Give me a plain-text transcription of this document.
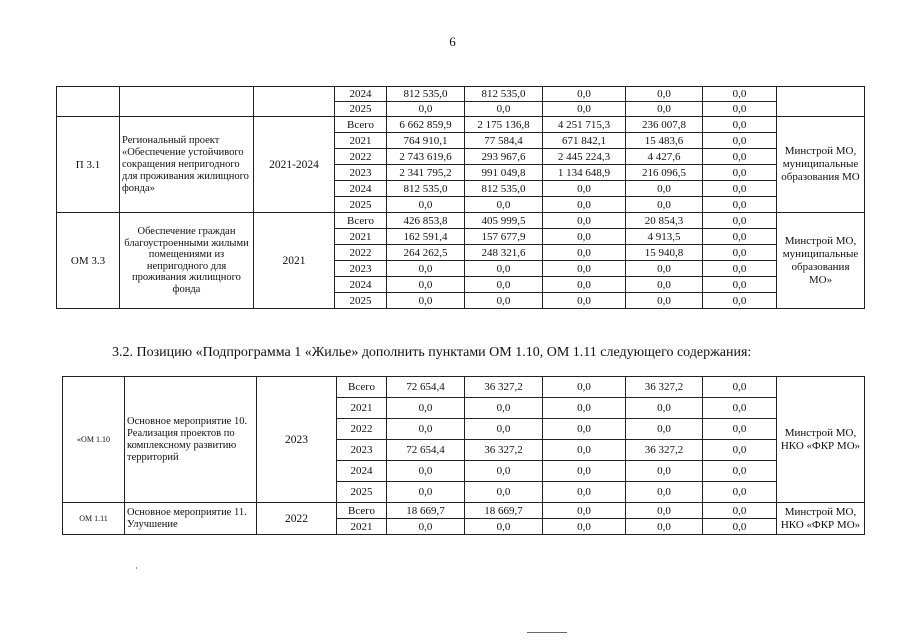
6
			2024	812 535,0	812 535,0	0,0	0,0	0,0	
			2025	0,0	0,0	0,0	0,0	0,0	
П 3.1	Региональный проект «Обеспечение устойчивого сокращения непригодного для проживания жилищного фонда»	2021-2024	Всего	6 662 859,9	2 175 136,8	4 251 715,3	236 007,8	0,0	Минстрой МО, муниципальные образования МО
			2021	764 910,1	77 584,4	671 842,1	15 483,6	0,0	
			2022	2 743 619,6	293 967,6	2 445 224,3	4 427,6	0,0	
			2023	2 341 795,2	991 049,8	1 134 648,9	216 096,5	0,0	
			2024	812 535,0	812 535,0	0,0	0,0	0,0	
			2025	0,0	0,0	0,0	0,0	0,0	
ОМ 3.3	Обеспечение граждан благоустроенными жилыми помещениями из непригодного для проживания жилищного фонда	2021	Всего	426 853,8	405 999,5	0,0	20 854,3	0,0	Минстрой МО, муниципальные образования МО»
			2021	162 591,4	157 677,9	0,0	4 913,5	0,0	
			2022	264 262,5	248 321,6	0,0	15 940,8	0,0	
			2023	0,0	0,0	0,0	0,0	0,0	
			2024	0,0	0,0	0,0	0,0	0,0	
			2025	0,0	0,0	0,0	0,0	0,0	
3.2. Позицию «Подпрограмма 1 «Жилье» дополнить пунктами ОМ 1.10, ОМ 1.11 следующего содержания:
«ОМ 1.10	Основное мероприятие 10. Реализация проектов по комплексному развитию территорий	2023	Всего	72 654,4	36 327,2	0,0	36 327,2	0,0	Минстрой МО, НКО «ФКР МО»
			2021	0,0	0,0	0,0	0,0	0,0	
			2022	0,0	0,0	0,0	0,0	0,0	
			2023	72 654,4	36 327,2	0,0	36 327,2	0,0	
			2024	0,0	0,0	0,0	0,0	0,0	
			2025	0,0	0,0	0,0	0,0	0,0	
ОМ 1.11	Основное мероприятие 11. Улучшение	2022	Всего	18 669,7	18 669,7	0,0	0,0	0,0	Минстрой МО, НКО «ФКР МО»
			2021	0,0	0,0	0,0	0,0	0,0	
